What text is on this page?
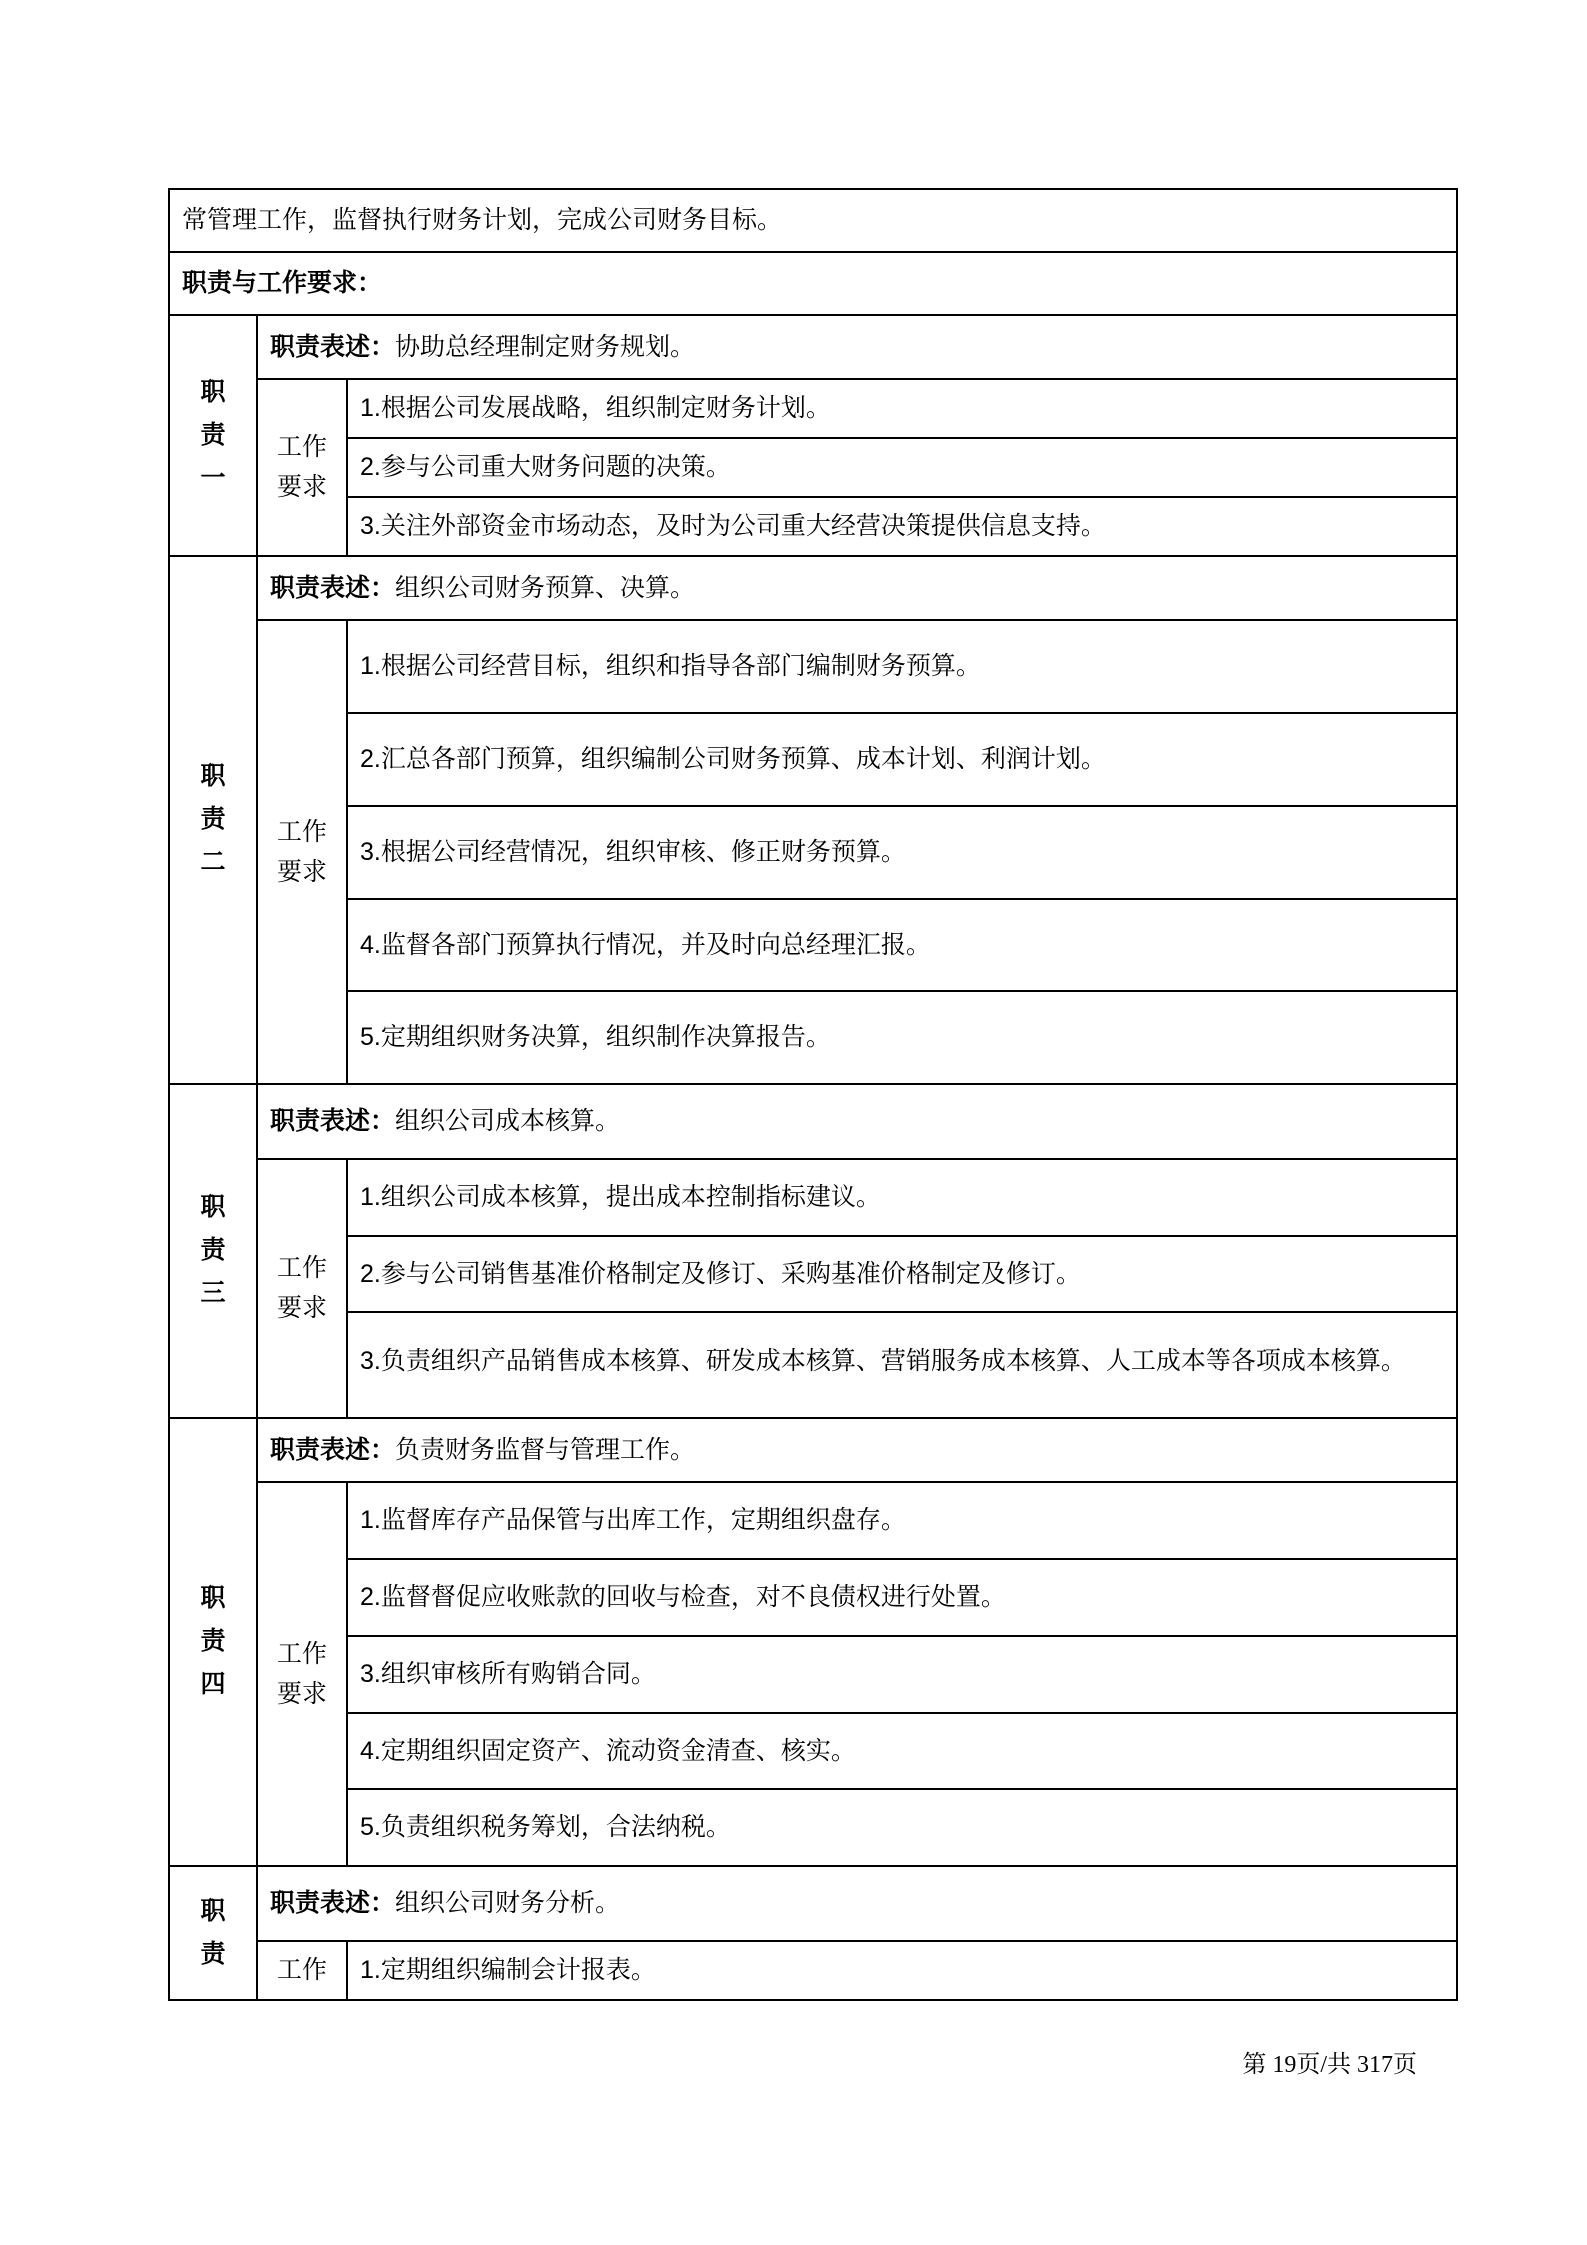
常管理工作，监督执行财务计划，完成公司财务目标。		

职责与工作要求：		

职
责
一	职责表述：协助总经理制定财务规划。	

	工作
要求	1.根据公司发展战略，组织制定财务计划。

		2.参与公司重大财务问题的决策。

		3.关注外部资金市场动态，及时为公司重大经营决策提供信息支持。

职
责
二	职责表述：组织公司财务预算、决算。	

	工作
要求	1.根据公司经营目标，组织和指导各部门编制财务预算。

		2.汇总各部门预算，组织编制公司财务预算、成本计划、利润计划。

		3.根据公司经营情况，组织审核、修正财务预算。

		4.监督各部门预算执行情况，并及时向总经理汇报。

		5.定期组织财务决算，组织制作决算报告。

职
责
三	职责表述：组织公司成本核算。	

	工作
要求	1.组织公司成本核算，提出成本控制指标建议。

		2.参与公司销售基准价格制定及修订、采购基准价格制定及修订。

		3.负责组织产品销售成本核算、研发成本核算、营销服务成本核算、人工成本等各项成本核算。

职
责
四	职责表述：负责财务监督与管理工作。	

	工作
要求	1.监督库存产品保管与出库工作，定期组织盘存。

		2.监督督促应收账款的回收与检查，对不良债权进行处置。

		3.组织审核所有购销合同。

		4.定期组织固定资产、流动资金清查、核实。

		5.负责组织税务筹划，合法纳税。

职
责	职责表述：组织公司财务分析。	

	工作	1.定期组织编制会计报表。
第 19页/共 317页
